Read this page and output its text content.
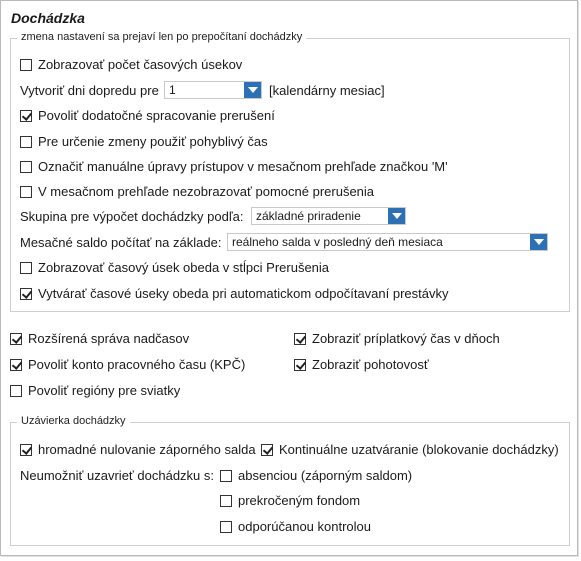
Dochádzka
zmena nastavení sa prejaví len po prepočítaní dochádzky
Zobrazovať počet časových úsekov
Vytvoriť dni dopredu pre 1	[kalendárny mesiac]
Povoliť dodatočné spracovanie prerušení
Pre určenie zmeny použiť pohyblivý čas
Označiť manuálne úpravy prístupov v mesačnom prehľade značkou 'M'
V mesačnom prehľade nezobrazovať pomocné prerušenia
Skupina pre výpočet dochádzky podľa: základné priradenie
Mesačné saldo počítať na základe: reálneho salda v posledný deň mesiaca
Zobrazovať časový úsek obeda v stĺpci Prerušenia
Vytvárať časové úseky obeda pri automatickom odpočítavaní prestávky
Rozšírená správa nadčasov	Zobraziť príplatkový čas v dňoch
Povoliť konto pracovného času (KPČ)	Zobraziť pohotovosť
Povoliť regióny pre sviatky
Uzávierka dochádzky
hromadné nulovanie záporného salda Kontinuálne uzatváranie (blokovanie dochádzky)
Neumožniť uzavrieť dochádzku s: absenciou (záporným saldom)
prekročeným fondom
odporúčanou kontrolou
